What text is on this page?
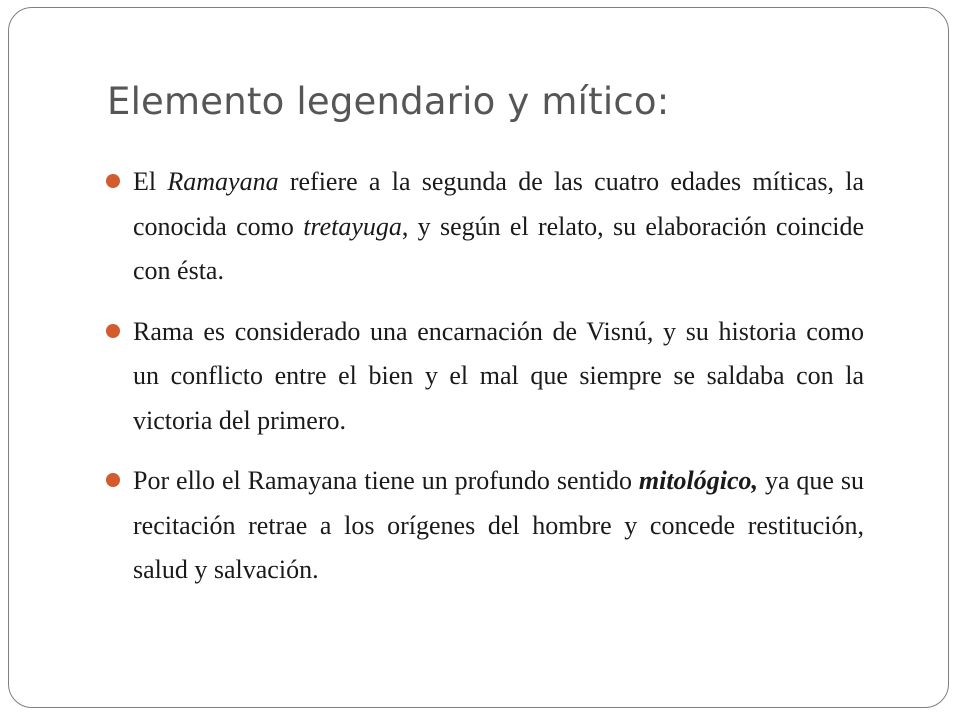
Elemento legendario y mítico:
El Ramayana refiere a la segunda de las cuatro edades míticas, la conocida como tretayuga, y según el relato, su elaboración coincide con ésta.
Rama es considerado una encarnación de Visnú, y su historia como un conflicto entre el bien y el mal que siempre se saldaba con la victoria del primero.
Por ello el Ramayana tiene un profundo sentido mitológico, ya que su recitación retrae a los orígenes del hombre y concede restitución, salud y salvación.
